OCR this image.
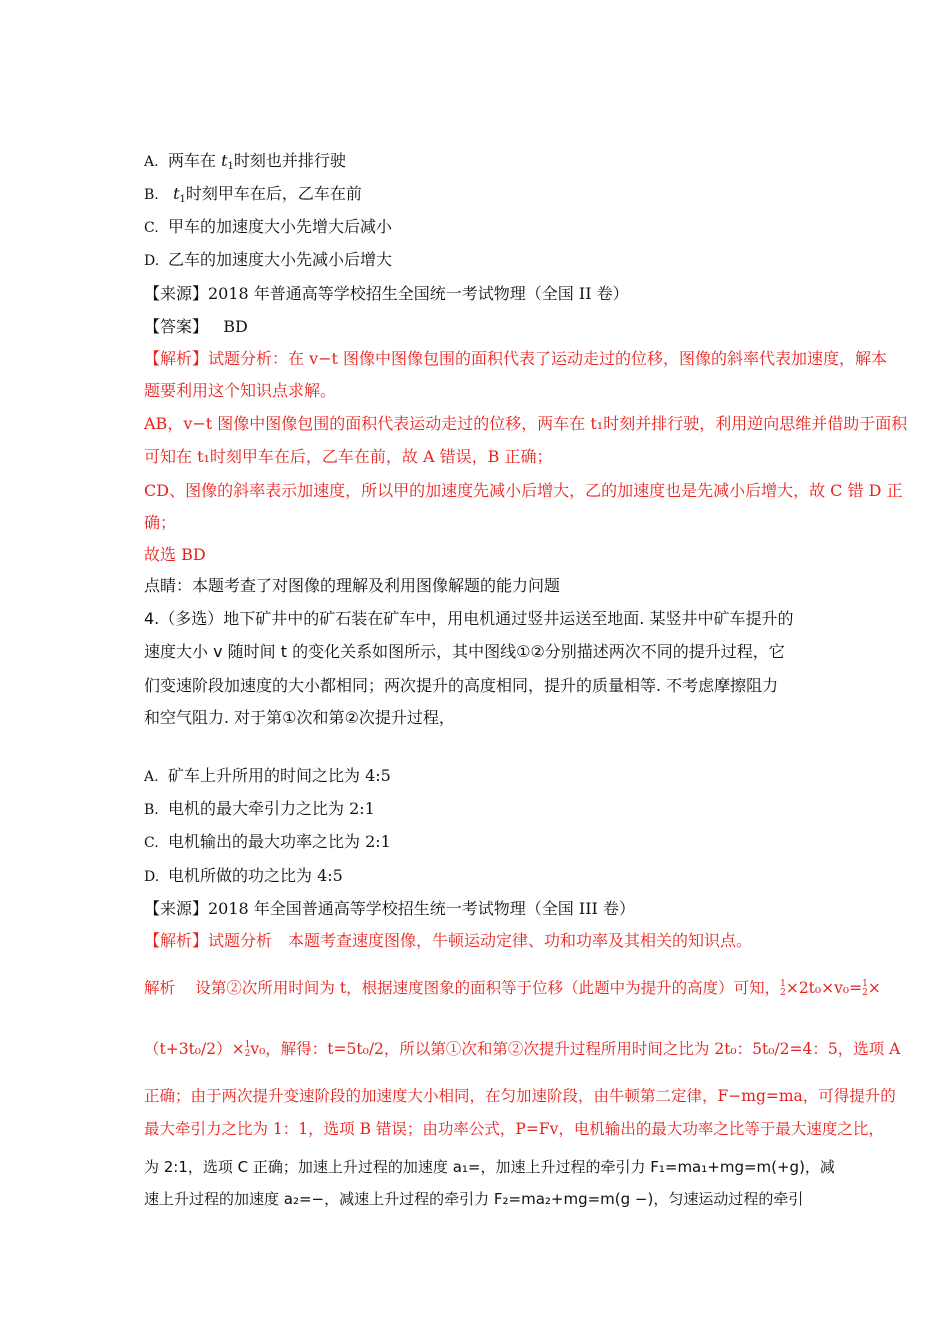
A. 两车在 $t_1$时刻也并排行驶
B. $t_1$时刻甲车在后，乙车在前
C. 甲车的加速度大小先增大后减小
D. 乙车的加速度大小先减小后增大
【来源】2018 年普通高等学校招生全国统一考试物理（全国 II 卷）
【答案】 BD
【解析】试题分析：在 v−t 图像中图像包围的面积代表了运动走过的位移，图像的斜率代表加速度，解本
题要利用这个知识点求解。
AB，v−t 图像中图像包围的面积代表运动走过的位移，两车在 t₁时刻并排行驶，利用逆向思维并借助于面积
可知在 t₁时刻甲车在后，乙车在前，故 A 错误，B 正确；
CD、图像的斜率表示加速度，所以甲的加速度先减小后增大，乙的加速度也是先减小后增大，故 C 错 D 正
确；
故选 BD
点睛：本题考查了对图像的理解及利用图像解题的能力问题
4.（多选）地下矿井中的矿石装在矿车中，用电机通过竖井运送至地面. 某竖井中矿车提升的
速度大小 v 随时间 t 的变化关系如图所示，其中图线①②分别描述两次不同的提升过程，它
们变速阶段加速度的大小都相同；两次提升的高度相同，提升的质量相等. 不考虑摩擦阻力
和空气阻力. 对于第①次和第②次提升过程，
A. 矿车上升所用的时间之比为 4:5
B. 电机的最大牵引力之比为 2:1
C. 电机输出的最大功率之比为 2:1
D. 电机所做的功之比为 4:5
【来源】2018 年全国普通高等学校招生统一考试物理（全国 III 卷）
【解析】试题分析　本题考查速度图像，牛顿运动定律、功和功率及其相关的知识点。
解析　 设第②次所用时间为 t，根据速度图象的面积等于位移（此题中为提升的高度）可知，1
2×2t₀×v₀=1
2×
（t+3t₀/2）×1
2v₀，解得：t=5t₀/2，所以第①次和第②次提升过程所用时间之比为 2t₀：5t₀/2=4：5，选项 A
正确；由于两次提升变速阶段的加速度大小相同，在匀加速阶段，由牛顿第二定律，F−mg=ma，可得提升的
最大牵引力之比为 1：1，选项 B 错误；由功率公式，P=Fv，电机输出的最大功率之比等于最大速度之比，
为 2:1，选项 C 正确；加速上升过程的加速度 a₁=，加速上升过程的牵引力 F₁=ma₁+mg=m(+g)，减
速上升过程的加速度 a₂=−，减速上升过程的牵引力 F₂=ma₂+mg=m(g −)，匀速运动过程的牵引
